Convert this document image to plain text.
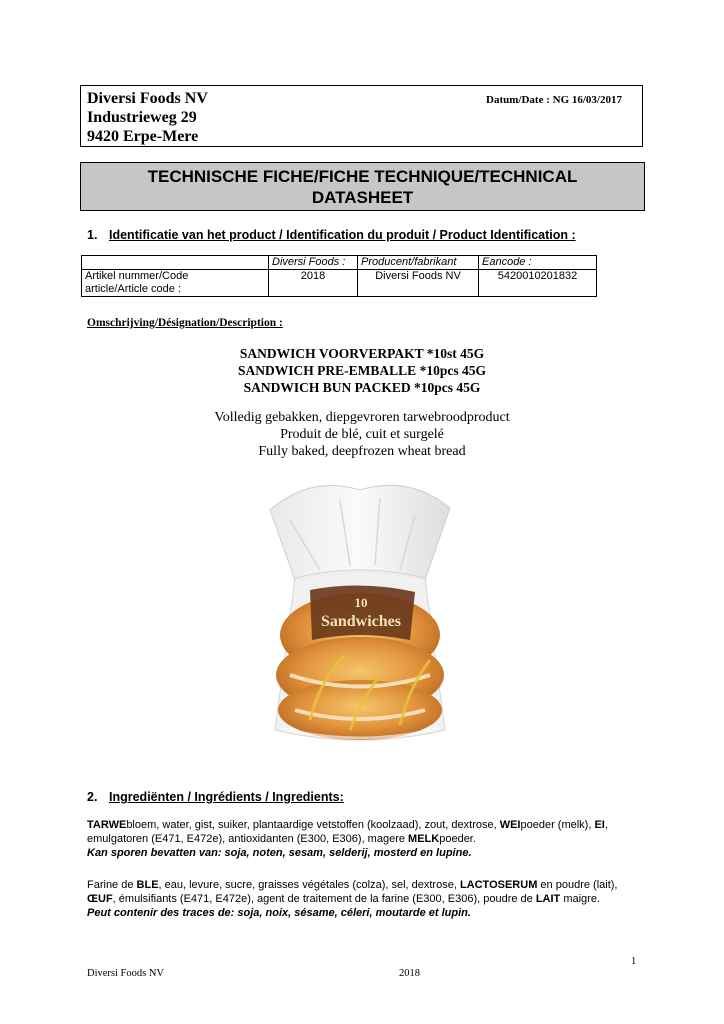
Diversi Foods NV
Industrieweg 29
9420 Erpe-Mere
Datum/Date : NG 16/03/2017
TECHNISCHE FICHE/FICHE TECHNIQUE/TECHNICAL
DATASHEET
1. Identificatie van het product / Identification du produit / Product Identification :
	Diversi Foods :	Producent/fabrikant	Eancode :

Artikel nummer/Code
article/Article code :	2018	Diversi Foods NV	5420010201832
Omschrijving/Désignation/Description :
SANDWICH VOORVERPAKT *10st 45G
SANDWICH PRE-EMBALLE *10pcs 45G
SANDWICH BUN PACKED *10pcs 45G
Volledig gebakken, diepgevroren tarwebroodproduct
Produit de blé, cuit et surgelé
Fully baked, deepfrozen wheat bread
10
Sandwiches
2. Ingrediënten / Ingrédients / Ingredients:
TARWEbloem, water, gist, suiker, plantaardige vetstoffen (koolzaad), zout, dextrose, WEIpoeder (melk), EI, emulgatoren (E471, E472e), antioxidanten (E300, E306), magere MELKpoeder.
Kan sporen bevatten van: soja, noten, sesam, selderij, mosterd en lupine.
Farine de BLE, eau, levure, sucre, graisses végétales (colza), sel, dextrose, LACTOSERUM en poudre (lait), ŒUF, émulsifiants (E471, E472e), agent de traitement de la farine (E300, E306), poudre de LAIT maigre.
Peut contenir des traces de: soja, noix, sésame, céleri, moutarde et lupin.
1
Diversi Foods NV	2018
